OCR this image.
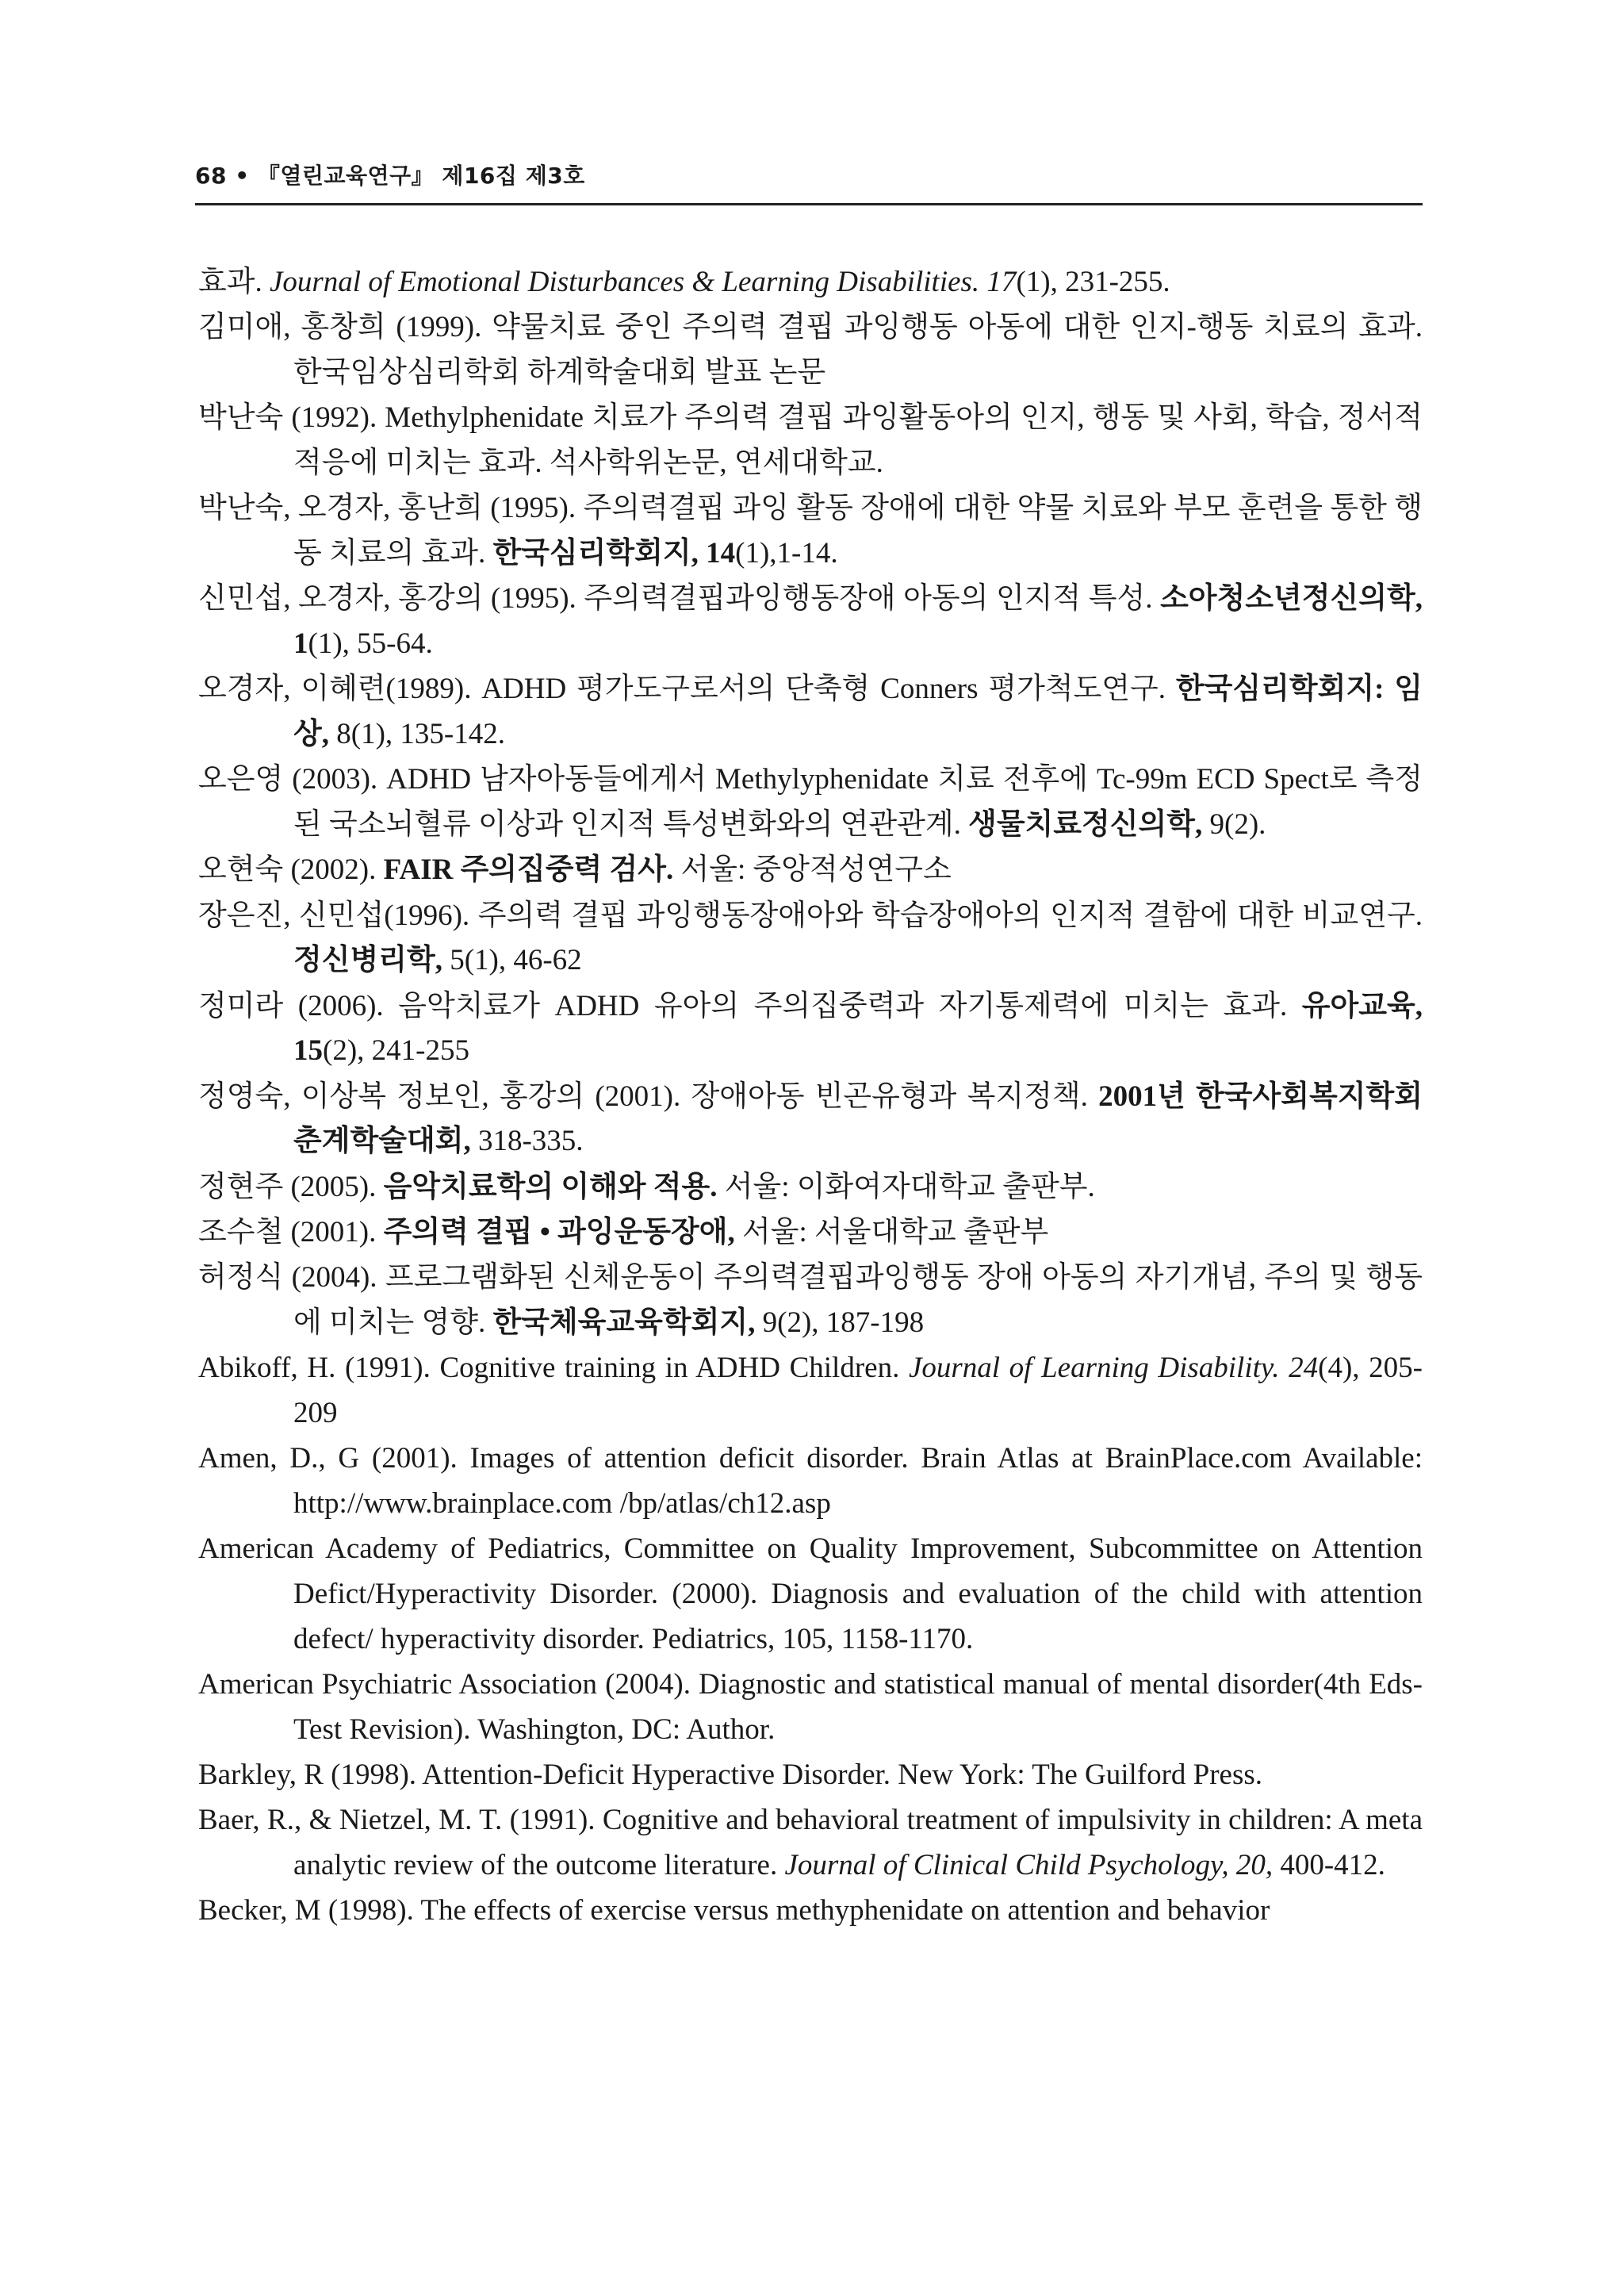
68 • 『열린교육연구』 제16집 제3호
효과. Journal of Emotional Disturbances & Learning Disabilities. 17(1), 231-255.
김미애, 홍창희 (1999). 약물치료 중인 주의력 결핍 과잉행동 아동에 대한 인지-행동 치료의 효과. 한국임상심리학회 하계학술대회 발표 논문
박난숙 (1992). Methylphenidate 치료가 주의력 결핍 과잉활동아의 인지, 행동 및 사회, 학습, 정서적 적응에 미치는 효과. 석사학위논문, 연세대학교.
박난숙, 오경자, 홍난희 (1995). 주의력결핍 과잉 활동 장애에 대한 약물 치료와 부모 훈련을 통한 행동 치료의 효과. 한국심리학회지, 14(1),1-14.
신민섭, 오경자, 홍강의 (1995). 주의력결핍과잉행동장애 아동의 인지적 특성. 소아청소년정신의학, 1(1), 55-64.
오경자, 이혜련(1989). ADHD 평가도구로서의 단축형 Conners 평가척도연구. 한국심리학회지: 임상, 8(1), 135-142.
오은영 (2003). ADHD 남자아동들에게서 Methylyphenidate 치료 전후에 Tc-99m ECD Spect로 측정된 국소뇌혈류 이상과 인지적 특성변화와의 연관관계. 생물치료정신의학, 9(2).
오현숙 (2002). FAIR 주의집중력 검사. 서울: 중앙적성연구소
장은진, 신민섭(1996). 주의력 결핍 과잉행동장애아와 학습장애아의 인지적 결함에 대한 비교연구. 정신병리학, 5(1), 46-62
정미라 (2006). 음악치료가 ADHD 유아의 주의집중력과 자기통제력에 미치는 효과. 유아교육, 15(2), 241-255
정영숙, 이상복 정보인, 홍강의 (2001). 장애아동 빈곤유형과 복지정책. 2001년 한국사회복지학회 춘계학술대회, 318-335.
정현주 (2005). 음악치료학의 이해와 적용. 서울: 이화여자대학교 출판부.
조수철 (2001). 주의력 결핍 • 과잉운동장애, 서울: 서울대학교 출판부
허정식 (2004). 프로그램화된 신체운동이 주의력결핍과잉행동 장애 아동의 자기개념, 주의 및 행동에 미치는 영향. 한국체육교육학회지, 9(2), 187-198
Abikoff, H. (1991). Cognitive training in ADHD Children. Journal of Learning Disability. 24(4), 205-209
Amen, D., G (2001). Images of attention deficit disorder. Brain Atlas at BrainPlace.com Available: http://www.brainplace.com /bp/atlas/ch12.asp
American Academy of Pediatrics, Committee on Quality Improvement, Subcommittee on Attention Defict/Hyperactivity Disorder. (2000). Diagnosis and evaluation of the child with attention defect/ hyperactivity disorder. Pediatrics, 105, 1158-1170.
American Psychiatric Association (2004). Diagnostic and statistical manual of mental disorder(4th Eds-Test Revision). Washington, DC: Author.
Barkley, R (1998). Attention-Deficit Hyperactive Disorder. New York: The Guilford Press.
Baer, R., & Nietzel, M. T. (1991). Cognitive and behavioral treatment of impulsivity in children: A meta analytic review of the outcome literature. Journal of Clinical Child Psychology, 20, 400-412.
Becker, M (1998). The effects of exercise versus methyphenidate on attention and behavior
